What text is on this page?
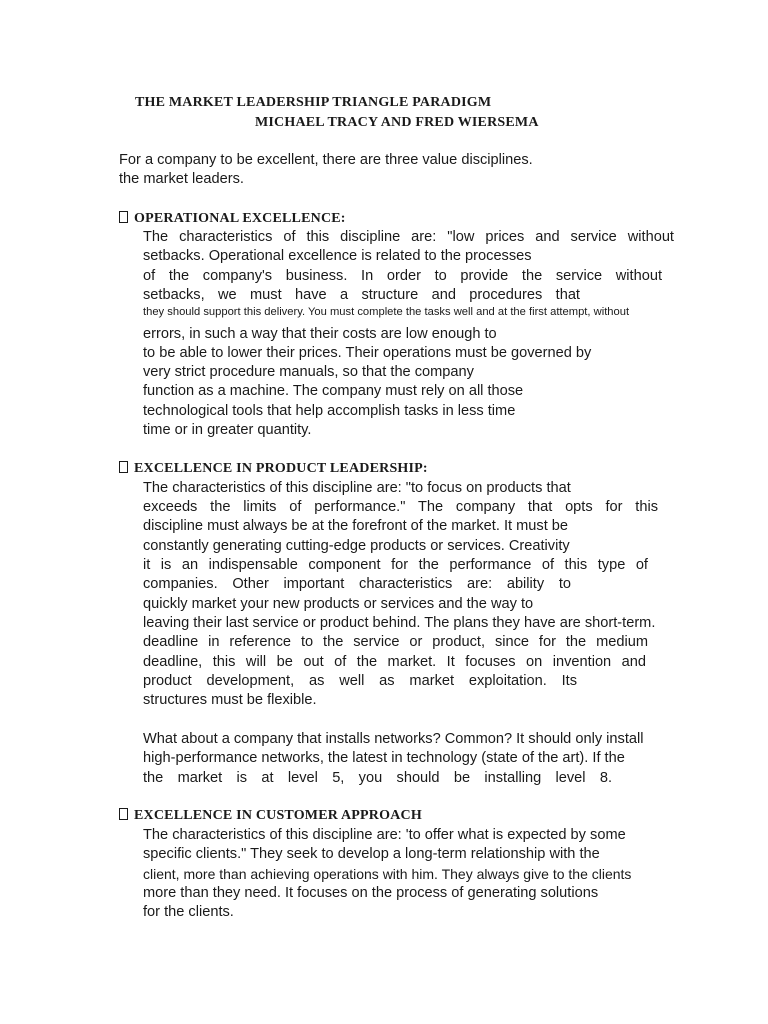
THE MARKET LEADERSHIP TRIANGLE PARADIGM
MICHAEL TRACY AND FRED WIERSEMA
For a company to be excellent, there are three value disciplines.
the market leaders.
OPERATIONAL EXCELLENCE:
The characteristics of this discipline are: "low prices and service without
setbacks. Operational excellence is related to the processes
of the company's business. In order to provide the service without
setbacks, we must have a structure and procedures that
they should support this delivery. You must complete the tasks well and at the first attempt, without
errors, in such a way that their costs are low enough to
to be able to lower their prices. Their operations must be governed by
very strict procedure manuals, so that the company
function as a machine. The company must rely on all those
technological tools that help accomplish tasks in less time
time or in greater quantity.
EXCELLENCE IN PRODUCT LEADERSHIP:
The characteristics of this discipline are: "to focus on products that
exceeds the limits of performance." The company that opts for this
discipline must always be at the forefront of the market. It must be
constantly generating cutting-edge products or services. Creativity
it is an indispensable component for the performance of this type of
companies. Other important characteristics are: ability to
quickly market your new products or services and the way to
leaving their last service or product behind. The plans they have are short-term.
deadline in reference to the service or product, since for the medium
deadline, this will be out of the market. It focuses on invention and
product development, as well as market exploitation. Its
structures must be flexible.
What about a company that installs networks? Common? It should only install
high-performance networks, the latest in technology (state of the art). If the
the market is at level 5, you should be installing level 8.
EXCELLENCE IN CUSTOMER APPROACH
The characteristics of this discipline are: 'to offer what is expected by some
specific clients." They seek to develop a long-term relationship with the
client, more than achieving operations with him. They always give to the clients
more than they need. It focuses on the process of generating solutions
for the clients.
